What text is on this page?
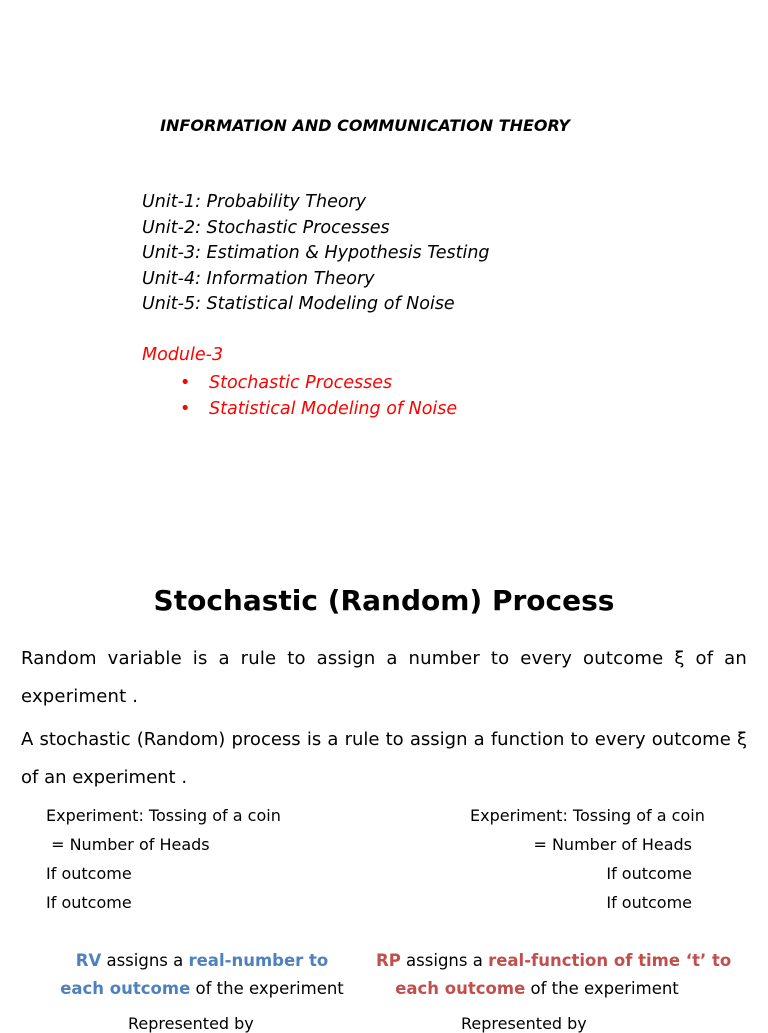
INFORMATION AND COMMUNICATION THEORY
Unit-1: Probability Theory
Unit-2: Stochastic Processes
Unit-3: Estimation & Hypothesis Testing
Unit-4: Information Theory
Unit-5: Statistical Modeling of Noise
Module-3
• Stochastic Processes
• Statistical Modeling of Noise
Stochastic (Random) Process
Random variable is a rule to assign a number to every outcome ξ of an experiment .
A stochastic (Random) process is a rule to assign a function to every outcome ξ of an experiment .
Experiment: Tossing of a coin
= Number of Heads
If outcome
If outcome
Experiment: Tossing of a coin
= Number of Heads
If outcome
If outcome
RV assigns a real-number to
each outcome of the experiment
RP assigns a real-function of time ‘t’ to
each outcome of the experiment
Represented by	Represented by
